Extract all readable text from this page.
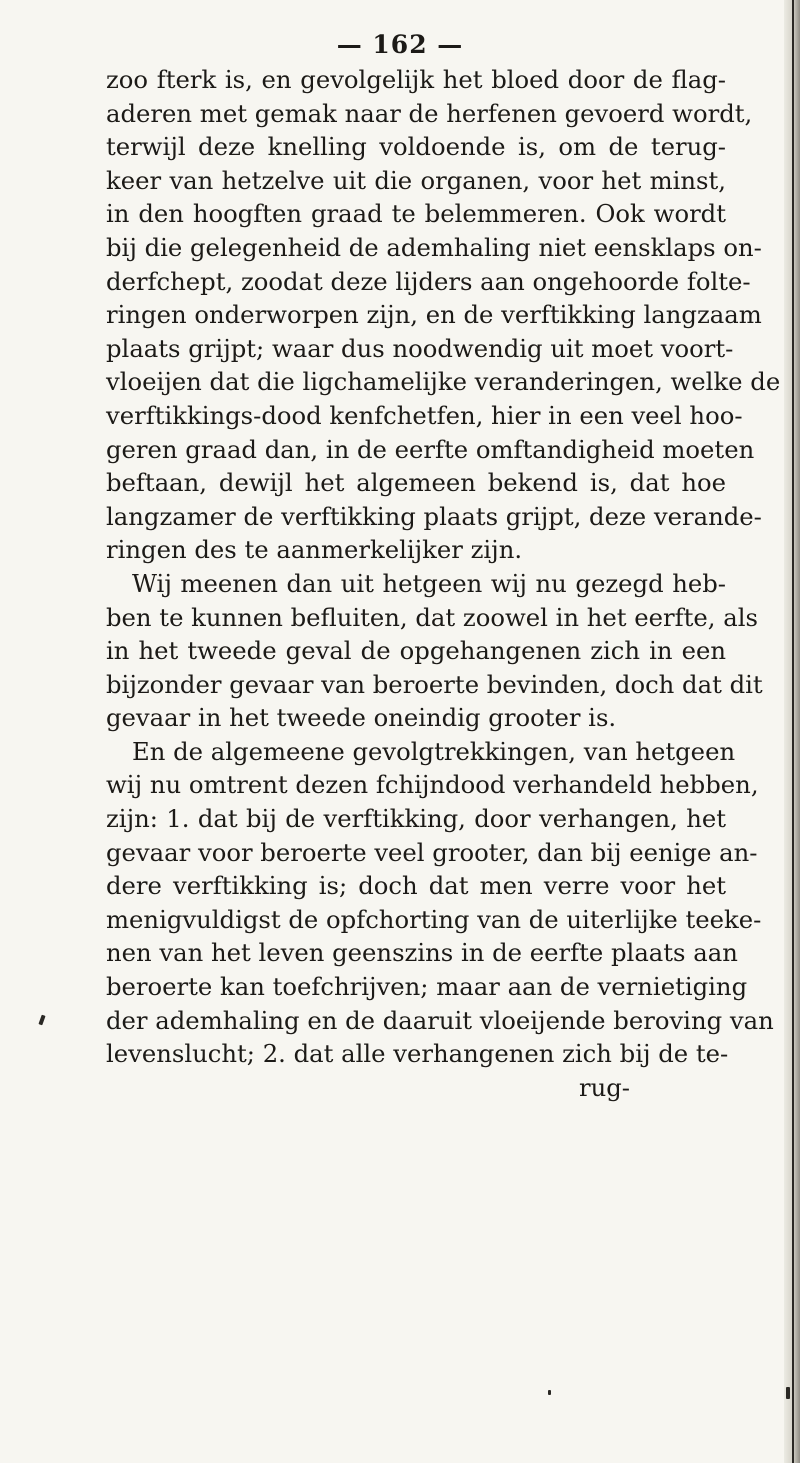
— 162 —
zoo fterk is, en gevolgelijk het bloed door de flag-
aderen met gemak naar de herfenen gevoerd wordt,
terwijl deze knelling voldoende is, om de terug-
keer van hetzelve uit die organen, voor het minst,
in den hoogften graad te belemmeren. Ook wordt
bij die gelegenheid de ademhaling niet eensklaps on-
derfchept, zoodat deze lijders aan ongehoorde folte-
ringen onderworpen zijn, en de verftikking langzaam
plaats grijpt; waar dus noodwendig uit moet voort-
vloeijen dat die ligchamelijke veranderingen, welke de
verftikkings-dood kenfchetfen, hier in een veel hoo-
geren graad dan, in de eerfte omftandigheid moeten
beftaan, dewijl het algemeen bekend is, dat hoe
langzamer de verftikking plaats grijpt, deze verande-
ringen des te aanmerkelijker zijn.
Wij meenen dan uit hetgeen wij nu gezegd heb-
ben te kunnen befluiten, dat zoowel in het eerfte, als
in het tweede geval de opgehangenen zich in een
bijzonder gevaar van beroerte bevinden, doch dat dit
gevaar in het tweede oneindig grooter is.
En de algemeene gevolgtrekkingen, van hetgeen
wij nu omtrent dezen fchijndood verhandeld hebben,
zijn: 1. dat bij de verftikking, door verhangen, het
gevaar voor beroerte veel grooter, dan bij eenige an-
dere verftikking is; doch dat men verre voor het
menigvuldigst de opfchorting van de uiterlijke teeke-
nen van het leven geenszins in de eerfte plaats aan
beroerte kan toefchrijven; maar aan de vernietiging
der ademhaling en de daaruit vloeijende beroving van
levenslucht; 2. dat alle verhangenen zich bij de te-
rug-
